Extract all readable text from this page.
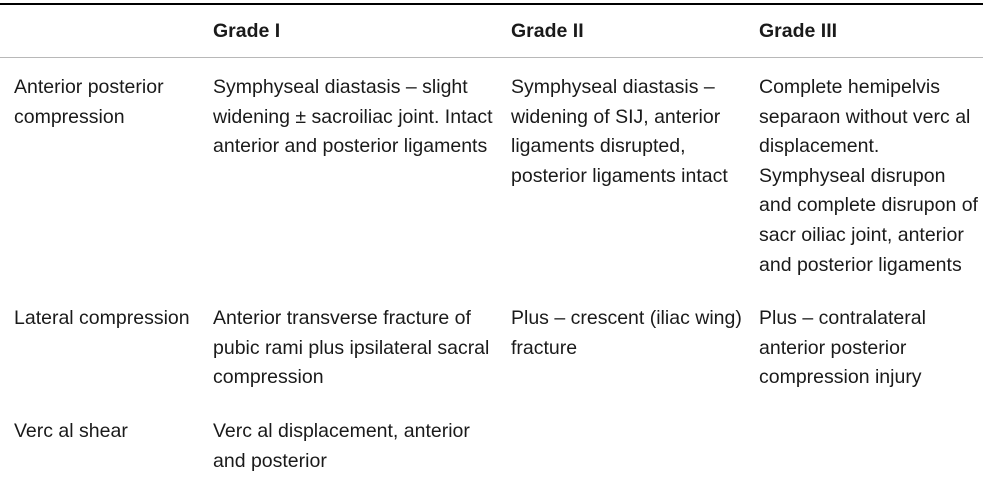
	Grade I	Grade II	Grade III
Anterior posterior compression	Symphyseal diastasis – slight widening ± sacroiliac joint. Intact anterior and posterior ligaments	Symphyseal diastasis – widening of SIJ, anterior ligaments disrupted, posterior ligaments intact	Complete hemipelvis separaon without verc al displacement. Symphyseal disrupon and complete disrupon of sacr oiliac joint, anterior and posterior ligaments
Lateral compression	Anterior transverse fracture of pubic rami plus ipsilateral sacral compression	Plus – crescent (iliac wing) fracture	Plus – contralateral anterior posterior compression injury
Verc al shear	Verc al displacement, anterior and posterior		
